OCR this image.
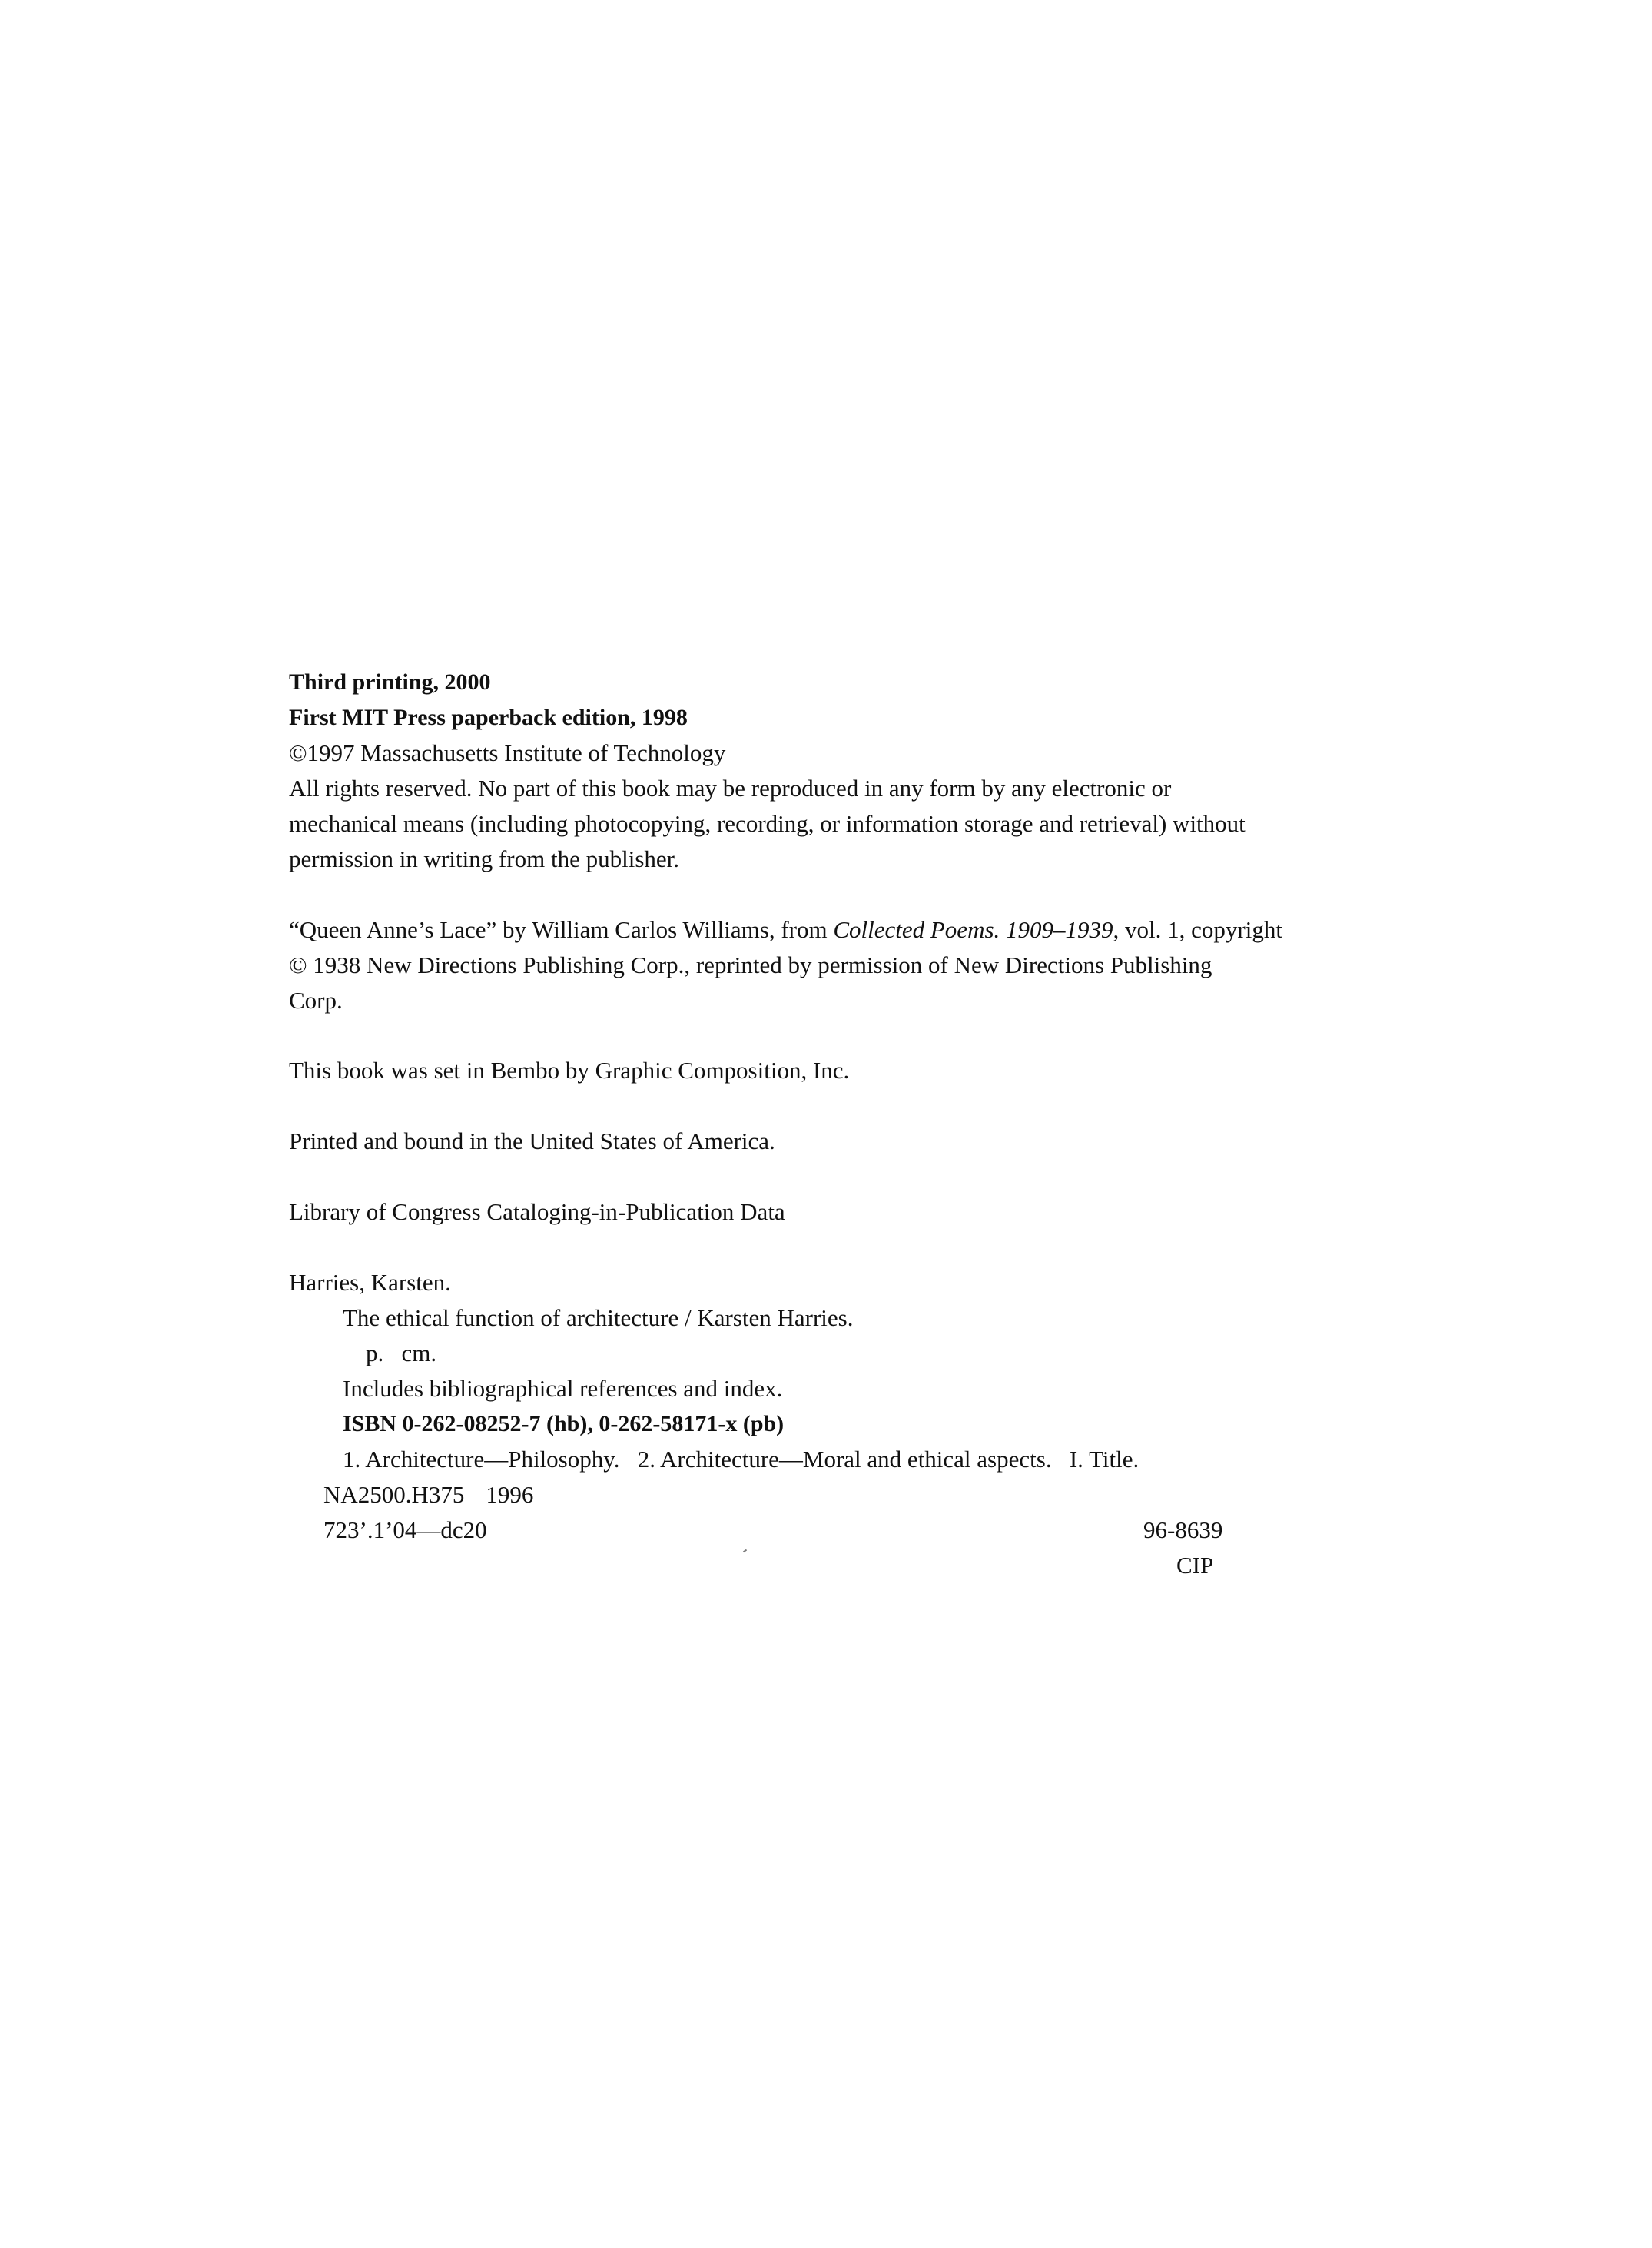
Third printing, 2000
First MIT Press paperback edition, 1998
©1997 Massachusetts Institute of Technology
All rights reserved. No part of this book may be reproduced in any form by any electronic or
mechanical means (including photocopying, recording, or information storage and retrieval) without
permission in writing from the publisher.
“Queen Anne’s Lace” by William Carlos Williams, from Collected Poems. 1909–1939, vol. 1, copyright
© 1938 New Directions Publishing Corp., reprinted by permission of New Directions Publishing
Corp.
This book was set in Bembo by Graphic Composition, Inc.
Printed and bound in the United States of America.
Library of Congress Cataloging-in-Publication Data
Harries, Karsten.
The ethical function of architecture / Karsten Harries.
p.   cm.
Includes bibliographical references and index.
ISBN 0-262-08252-7 (hb), 0-262-58171-x (pb)
1. Architecture—Philosophy.   2. Architecture—Moral and ethical aspects.   I. Title.
NA2500.H375 1996
723’.1’04—dc20	96-8639
CIP
